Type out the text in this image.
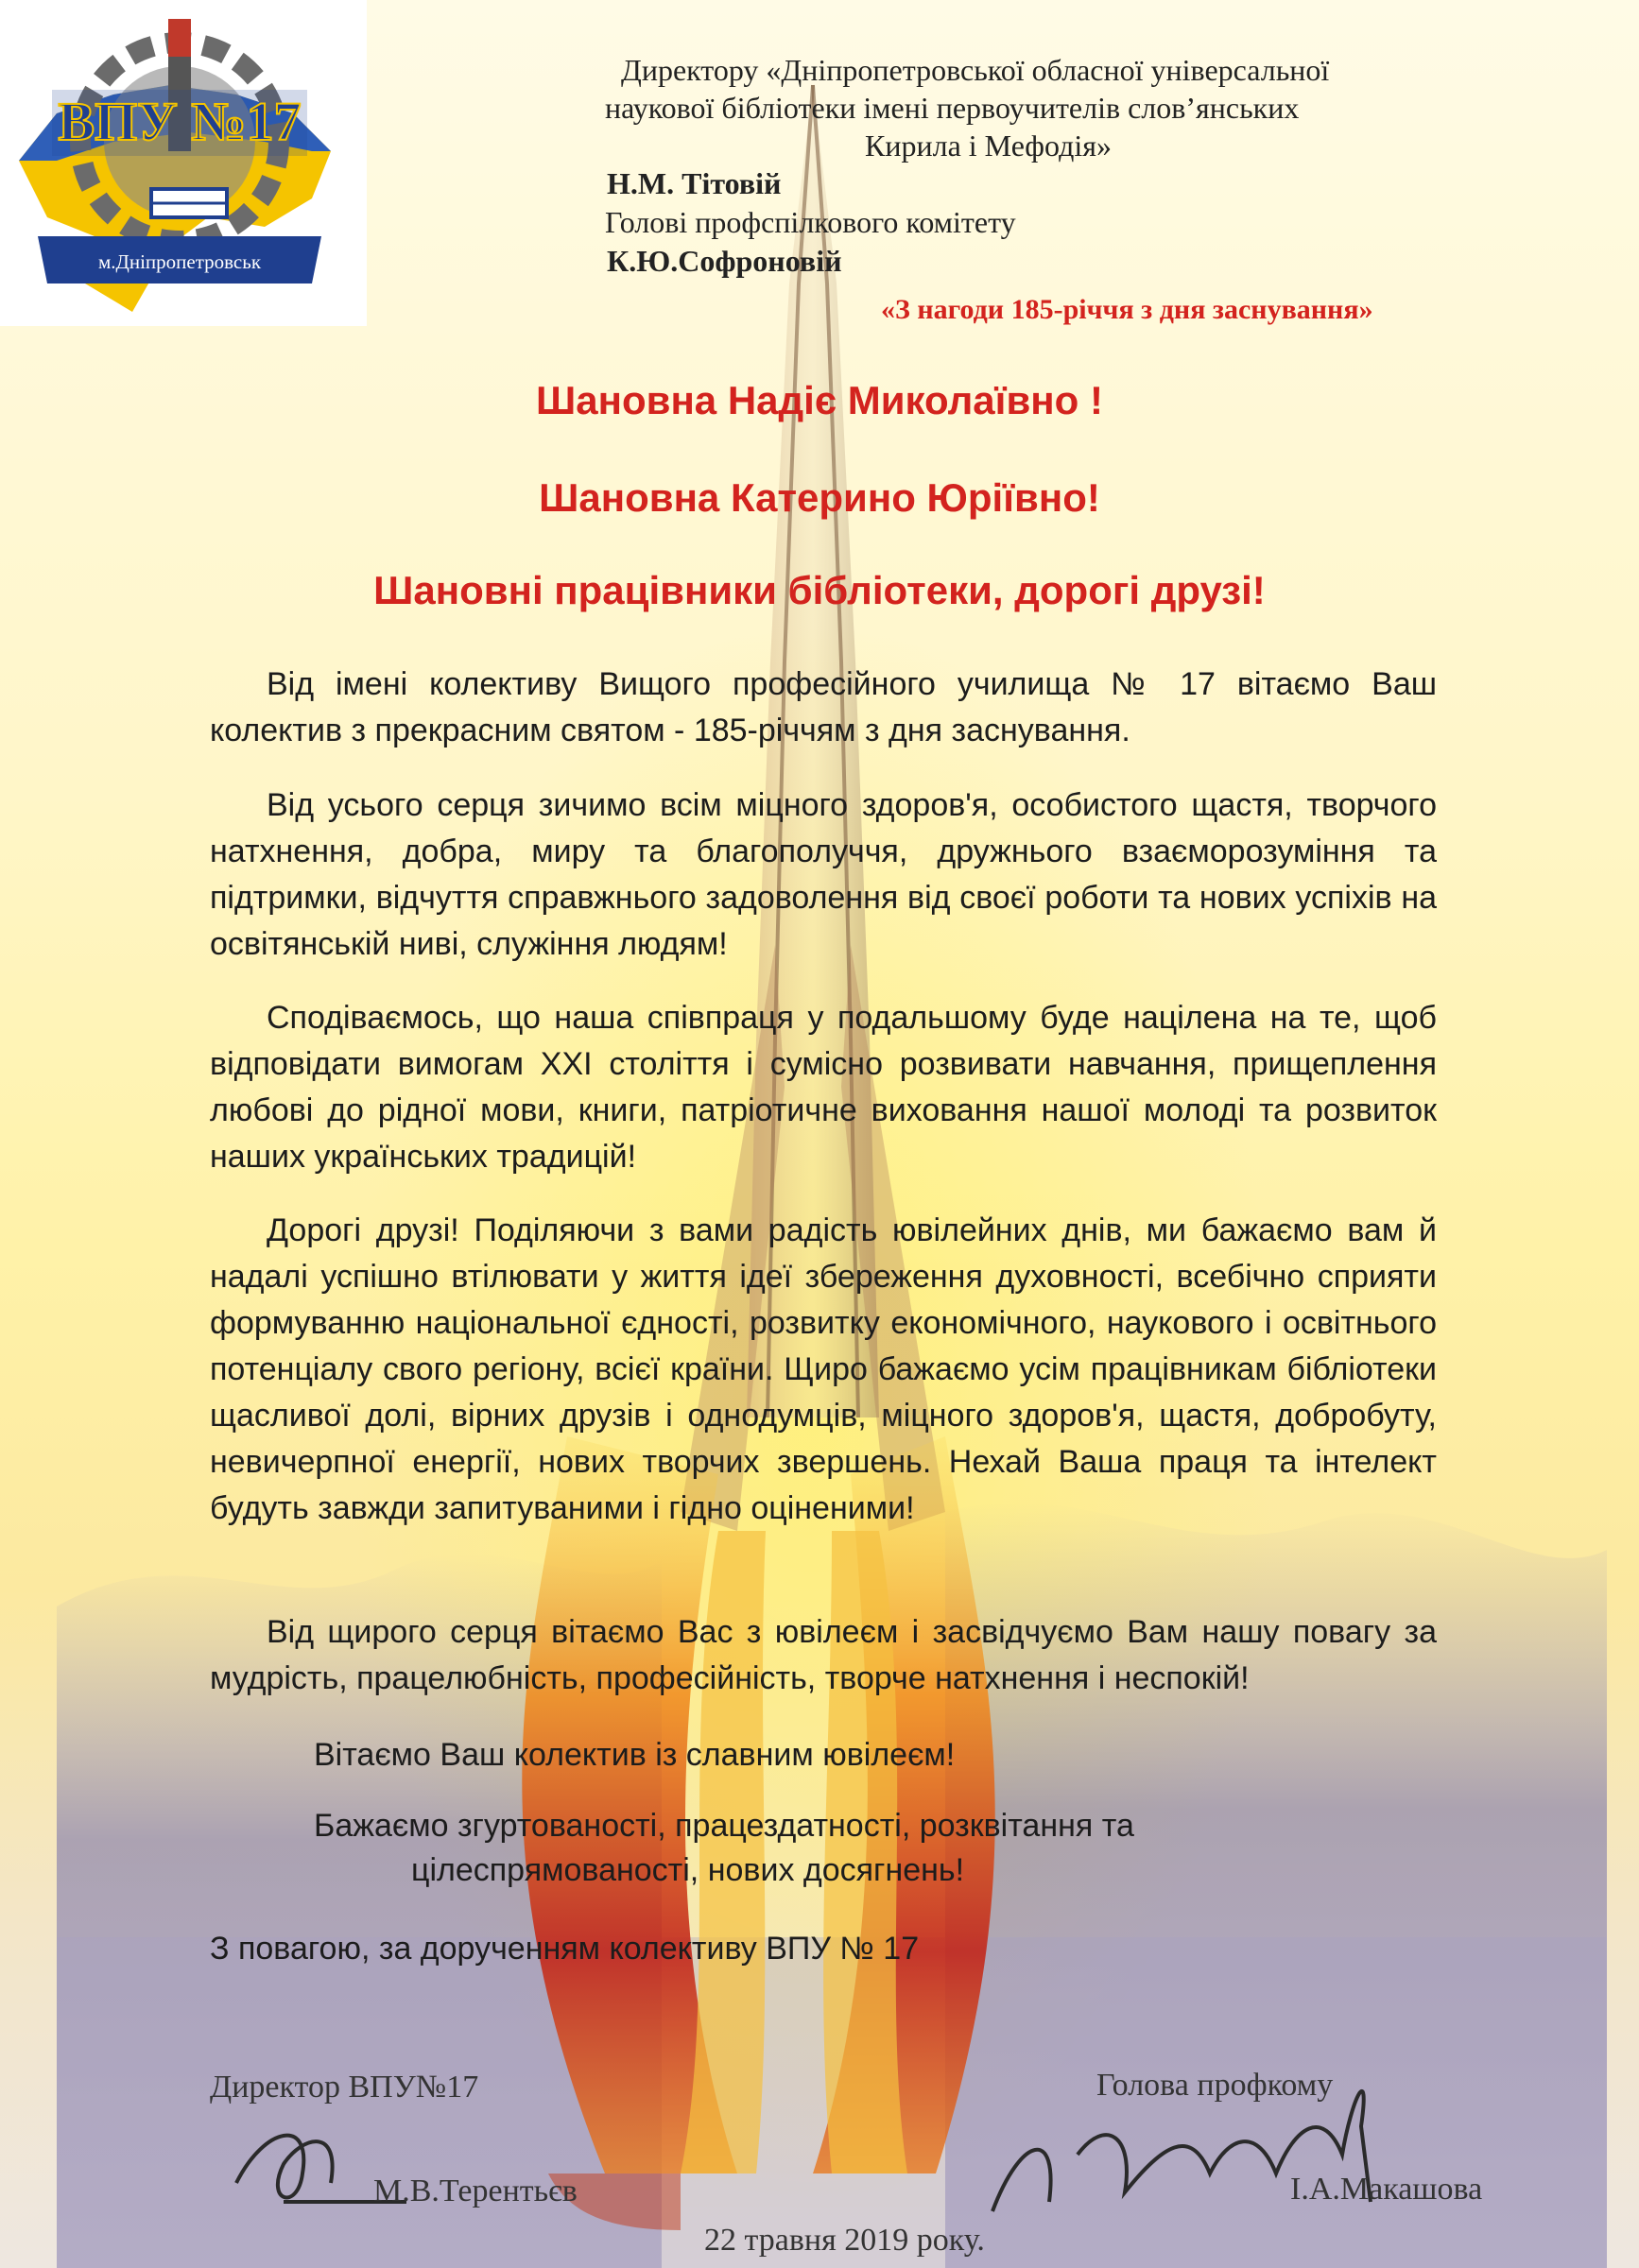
ВПУ №17
м.Дніпропетровськ
Директору «Дніпропетровської обласної універсальної
наукової бібліотеки імені первоучителів слов’янських
Кирила і Мефодія»
Н.М. Тітовій
Голові профспілкового комітету
К.Ю.Софроновій
«З нагоди 185-річчя з дня заснування»
Шановна Надіє Миколаївно !
Шановна Катерино Юріївно!
Шановні працівники бібліотеки, дорогі друзі!
Від імені колективу Вищого професійного училища № 17 вітаємо Ваш колектив з прекрасним святом - 185-річчям з дня заснування.
Від усього серця зичимо всім міцного здоров'я, особистого щастя, творчого натхнення, добра, миру та благополуччя, дружнього взаєморозуміння та підтримки, відчуття справжнього задоволення від своєї роботи та нових успіхів на освітянській ниві, служіння людям!
Сподіваємось, що наша співпраця у подальшому буде націлена на те, щоб відповідати вимогам XXI століття і сумісно розвивати навчання, прищеплення любові до рідної мови, книги, патріотичне виховання нашої молоді та розвиток наших українських традицій!
Дорогі друзі! Поділяючи з вами радість ювілейних днів, ми бажаємо вам й надалі успішно втілювати у життя ідеї збереження духовності, всебічно сприяти формуванню національної єдності, розвитку економічного, наукового і освітнього потенціалу свого регіону, всієї країни. Щиро бажаємо усім працівникам бібліотеки щасливої долі, вірних друзів і однодумців, міцного здоров'я, щастя, добробуту, невичерпної енергії, нових творчих звершень. Нехай Ваша праця та інтелект будуть завжди запитуваними і гідно оціненими!
Від щирого серця вітаємо Вас з ювілеєм і засвідчуємо Вам нашу повагу за мудрість, працелюбність, професійність, творче натхнення і неспокій!
Вітаємо Ваш колектив із славним ювілеєм!
Бажаємо згуртованості, працездатності, розквітання та
цілеспрямованості, нових досягнень!
З повагою, за дорученням колективу ВПУ № 17
Директор ВПУ№17	Голова профкому
М.В.Терентьєв	І.А.Макашова
22 травня 2019 року.
